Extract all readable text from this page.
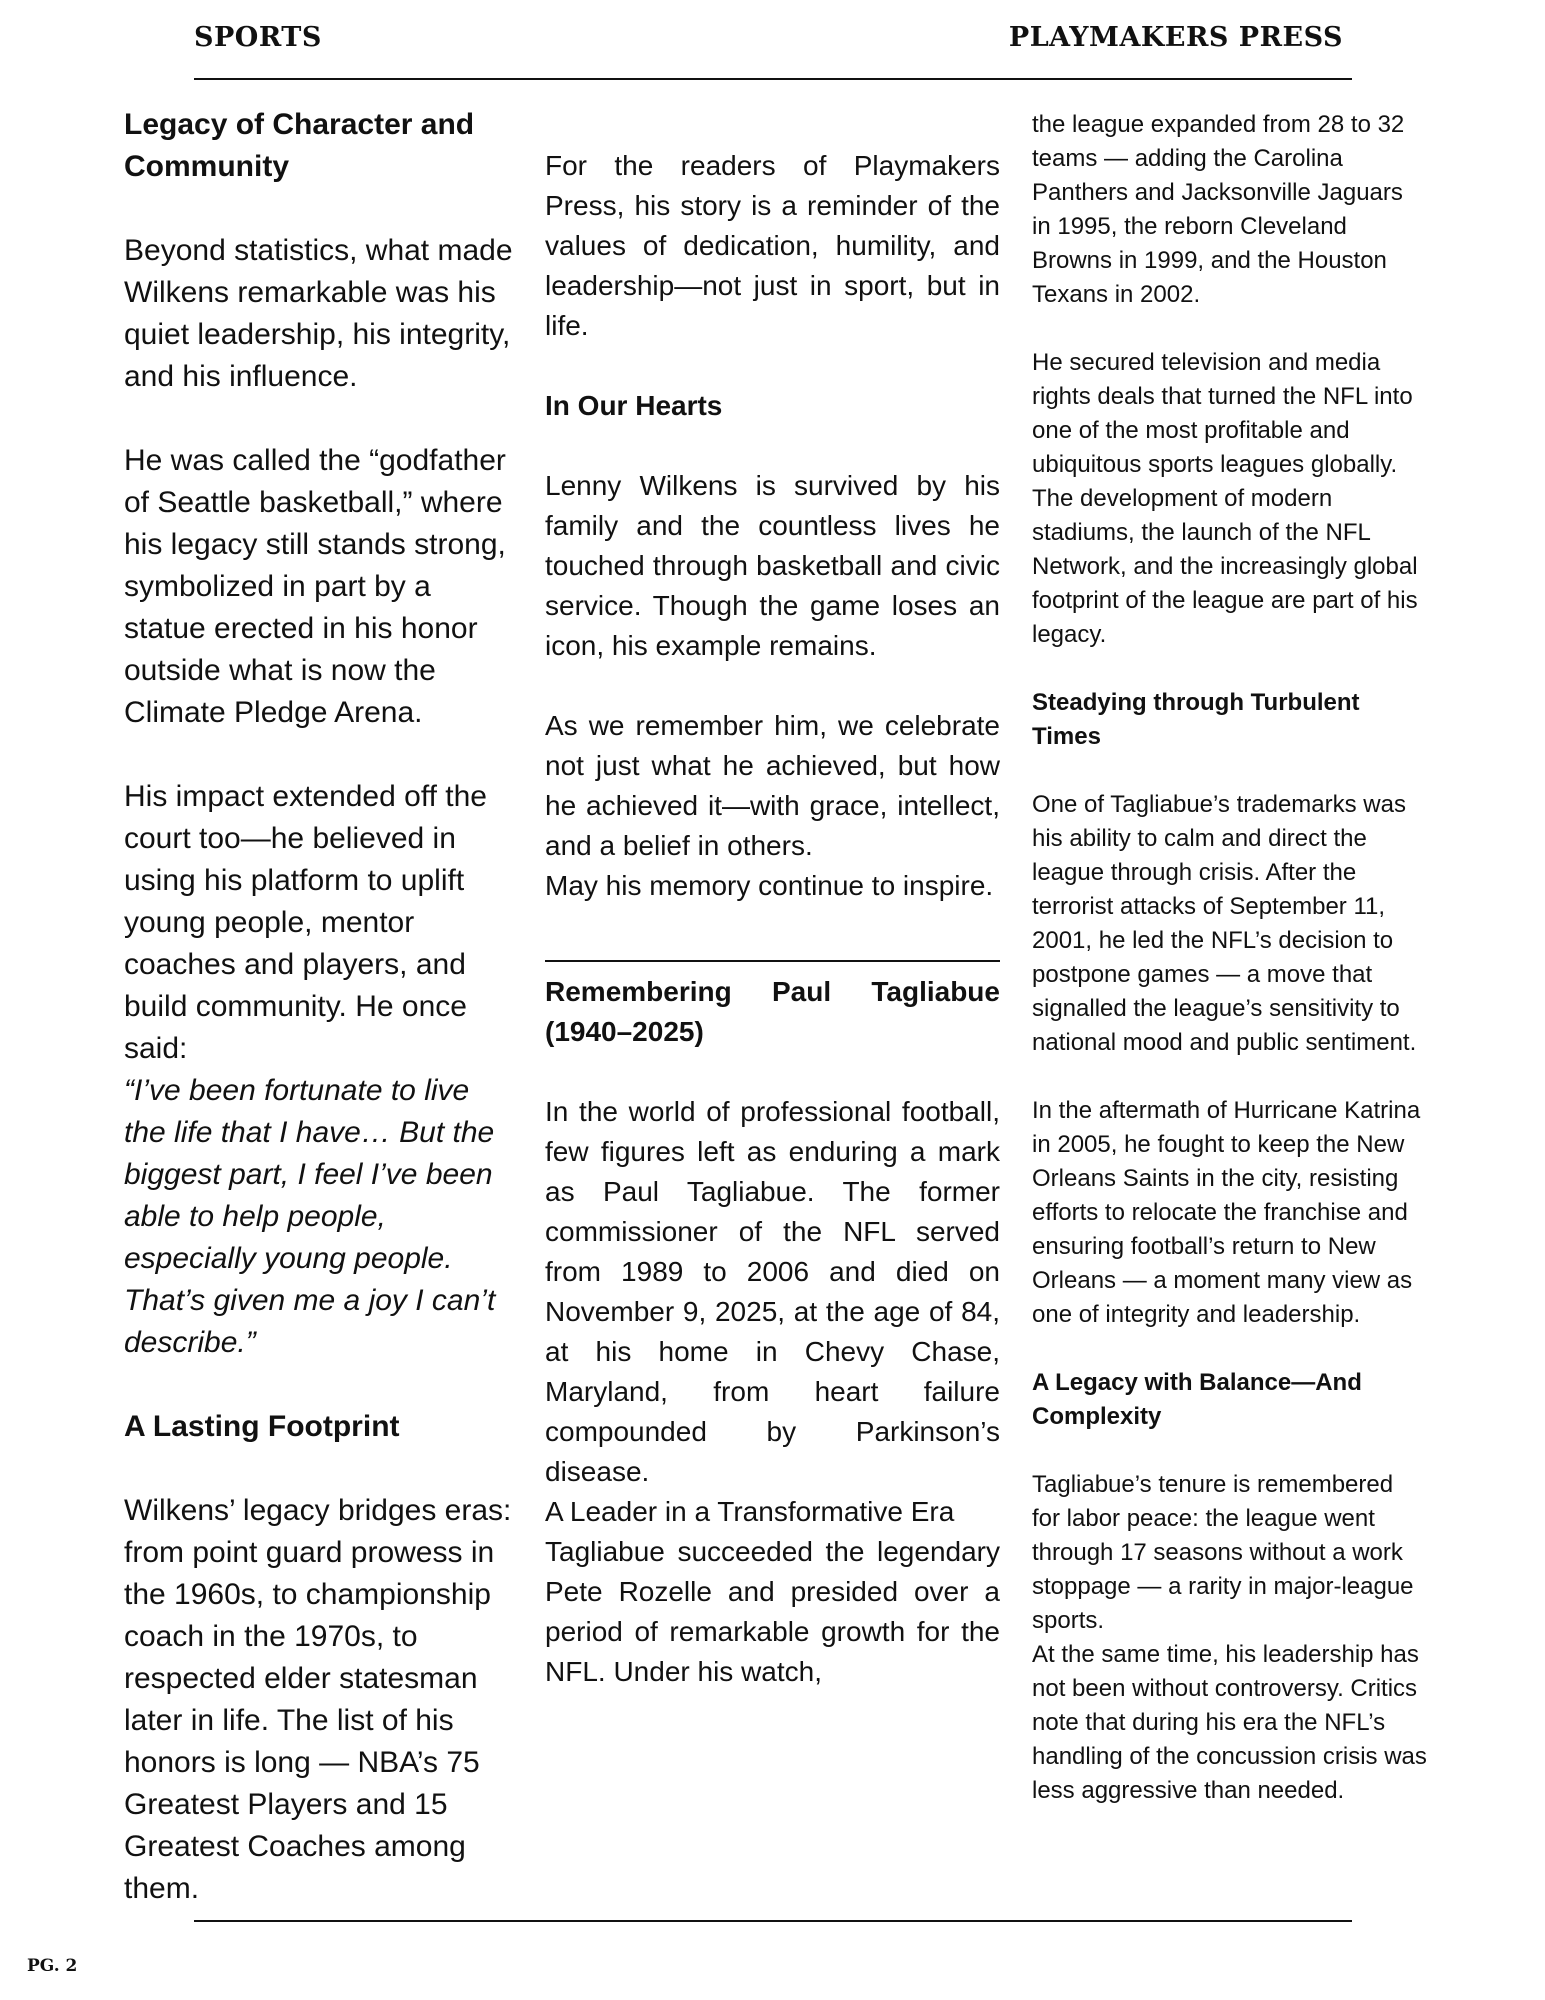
SPORTS	PLAYMAKERS PRESS

Legacy of Character and Community

Beyond statistics, what made Wilkens remarkable was his quiet leadership, his integrity, and his influence.

He was called the “godfather of Seattle basketball,” where his legacy still stands strong, symbolized in part by a statue erected in his honor outside what is now the Climate Pledge Arena.

His impact extended off the court too—he believed in using his platform to uplift young people, mentor coaches and players, and build community. He once said:

“I’ve been fortunate to live the life that I have… But the biggest part, I feel I’ve been able to help people, especially young people. That’s given me a joy I can’t describe.”

A Lasting Footprint

Wilkens’ legacy bridges eras: from point guard prowess in the 1960s, to championship coach in the 1970s, to respected elder statesman later in life. The list of his honors is long — NBA’s 75 Greatest Players and 15 Greatest Coaches among them.

For the readers of Playmakers Press, his story is a reminder of the values of dedication, humility, and leadership—not just in sport, but in life.

In Our Hearts

Lenny Wilkens is survived by his family and the countless lives he touched through basketball and civic service. Though the game loses an icon, his example remains.

As we remember him, we celebrate not just what he achieved, but how he achieved it—with grace, intellect, and a belief in others.

May his memory continue to inspire.

Remembering Paul Tagliabue (1940–2025)

In the world of professional football, few figures left as enduring a mark as Paul Tagliabue. The former commissioner of the NFL served from 1989 to 2006 and died on November 9, 2025, at the age of 84, at his home in Chevy Chase, Maryland, from heart failure compounded by Parkinson’s disease.

A Leader in a Transformative Era

Tagliabue succeeded the legendary Pete Rozelle and presided over a period of remarkable growth for the NFL. Under his watch,

the league expanded from 28 to 32 teams — adding the Carolina Panthers and Jacksonville Jaguars in 1995, the reborn Cleveland Browns in 1999, and the Houston Texans in 2002.

He secured television and media rights deals that turned the NFL into one of the most profitable and ubiquitous sports leagues globally. The development of modern stadiums, the launch of the NFL Network, and the increasingly global footprint of the league are part of his legacy.

Steadying through Turbulent Times

One of Tagliabue’s trademarks was his ability to calm and direct the league through crisis. After the terrorist attacks of September 11, 2001, he led the NFL’s decision to postpone games — a move that signalled the league’s sensitivity to national mood and public sentiment.

In the aftermath of Hurricane Katrina in 2005, he fought to keep the New Orleans Saints in the city, resisting efforts to relocate the franchise and ensuring football’s return to New Orleans — a moment many view as one of integrity and leadership.

A Legacy with Balance—And Complexity

Tagliabue’s tenure is remembered for labor peace: the league went through 17 seasons without a work stoppage — a rarity in major-league sports.

At the same time, his leadership has not been without controversy. Critics note that during his era the NFL’s handling of the concussion crisis was less aggressive than needed.

PG. 2
